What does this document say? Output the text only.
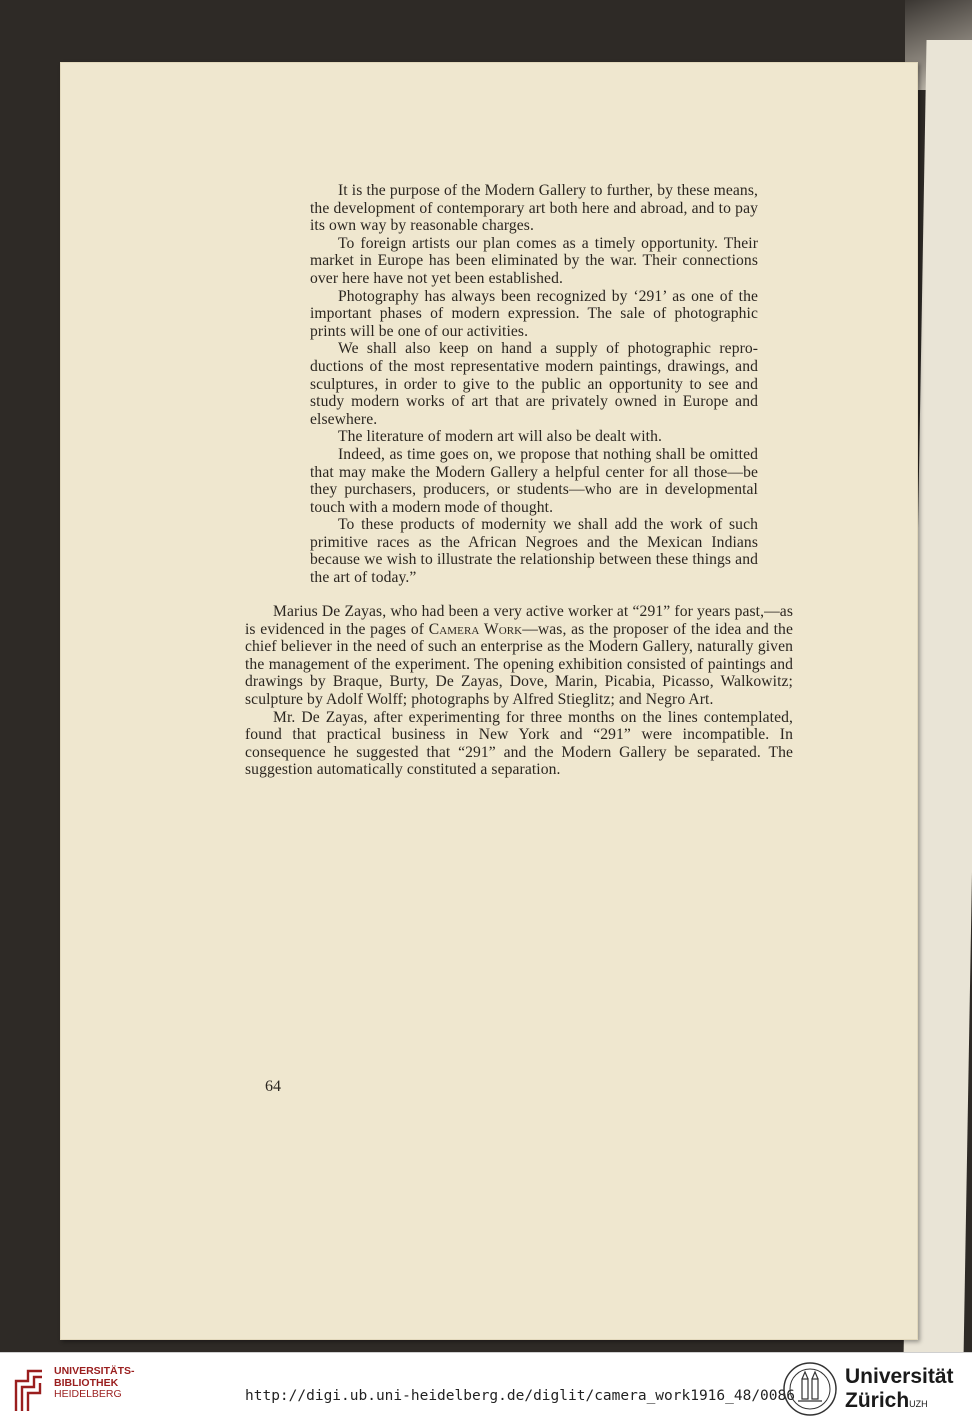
It is the purpose of the Modern Gallery to further, by these means, the development of contemporary art both here and abroad, and to pay its own way by reasonable charges.

To foreign artists our plan comes as a timely opportunity. Their market in Europe has been eliminated by the war. Their connections over here have not yet been established.

Photography has always been recognized by ‘291’ as one of the important phases of modern expression. The sale of photographic prints will be one of our activities.

We shall also keep on hand a supply of photographic reproductions of the most representative modern paintings, drawings, and sculptures, in order to give to the public an opportunity to see and study modern works of art that are privately owned in Europe and elsewhere.

The literature of modern art will also be dealt with.

Indeed, as time goes on, we propose that nothing shall be omitted that may make the Modern Gallery a helpful center for all those—be they purchasers, producers, or students—who are in developmental touch with a modern mode of thought.

To these products of modernity we shall add the work of such primitive races as the African Negroes and the Mexican Indians because we wish to illustrate the relationship between these things and the art of today.”

Marius De Zayas, who had been a very active worker at “291” for years past,—as is evidenced in the pages of Camera Work—was, as the proposer of the idea and the chief believer in the need of such an enterprise as the Modern Gallery, naturally given the management of the experiment. The opening exhibition consisted of paintings and drawings by Braque, Burty, De Zayas, Dove, Marin, Picabia, Picasso, Walkowitz; sculpture by Adolf Wolff; photographs by Alfred Stieglitz; and Negro Art.

Mr. De Zayas, after experimenting for three months on the lines contemplated, found that practical business in New York and “291” were incompatible. In consequence he suggested that “291” and the Modern Gallery be separated. The suggestion automatically constituted a separation.

64
UNIVERSITÄTS-
BIBLIOTHEK
HEIDELBERG	http://digi.ub.uni-heidelberg.de/diglit/camera_work1916_48/0086
Universität
Zürich$^{UZH}$
